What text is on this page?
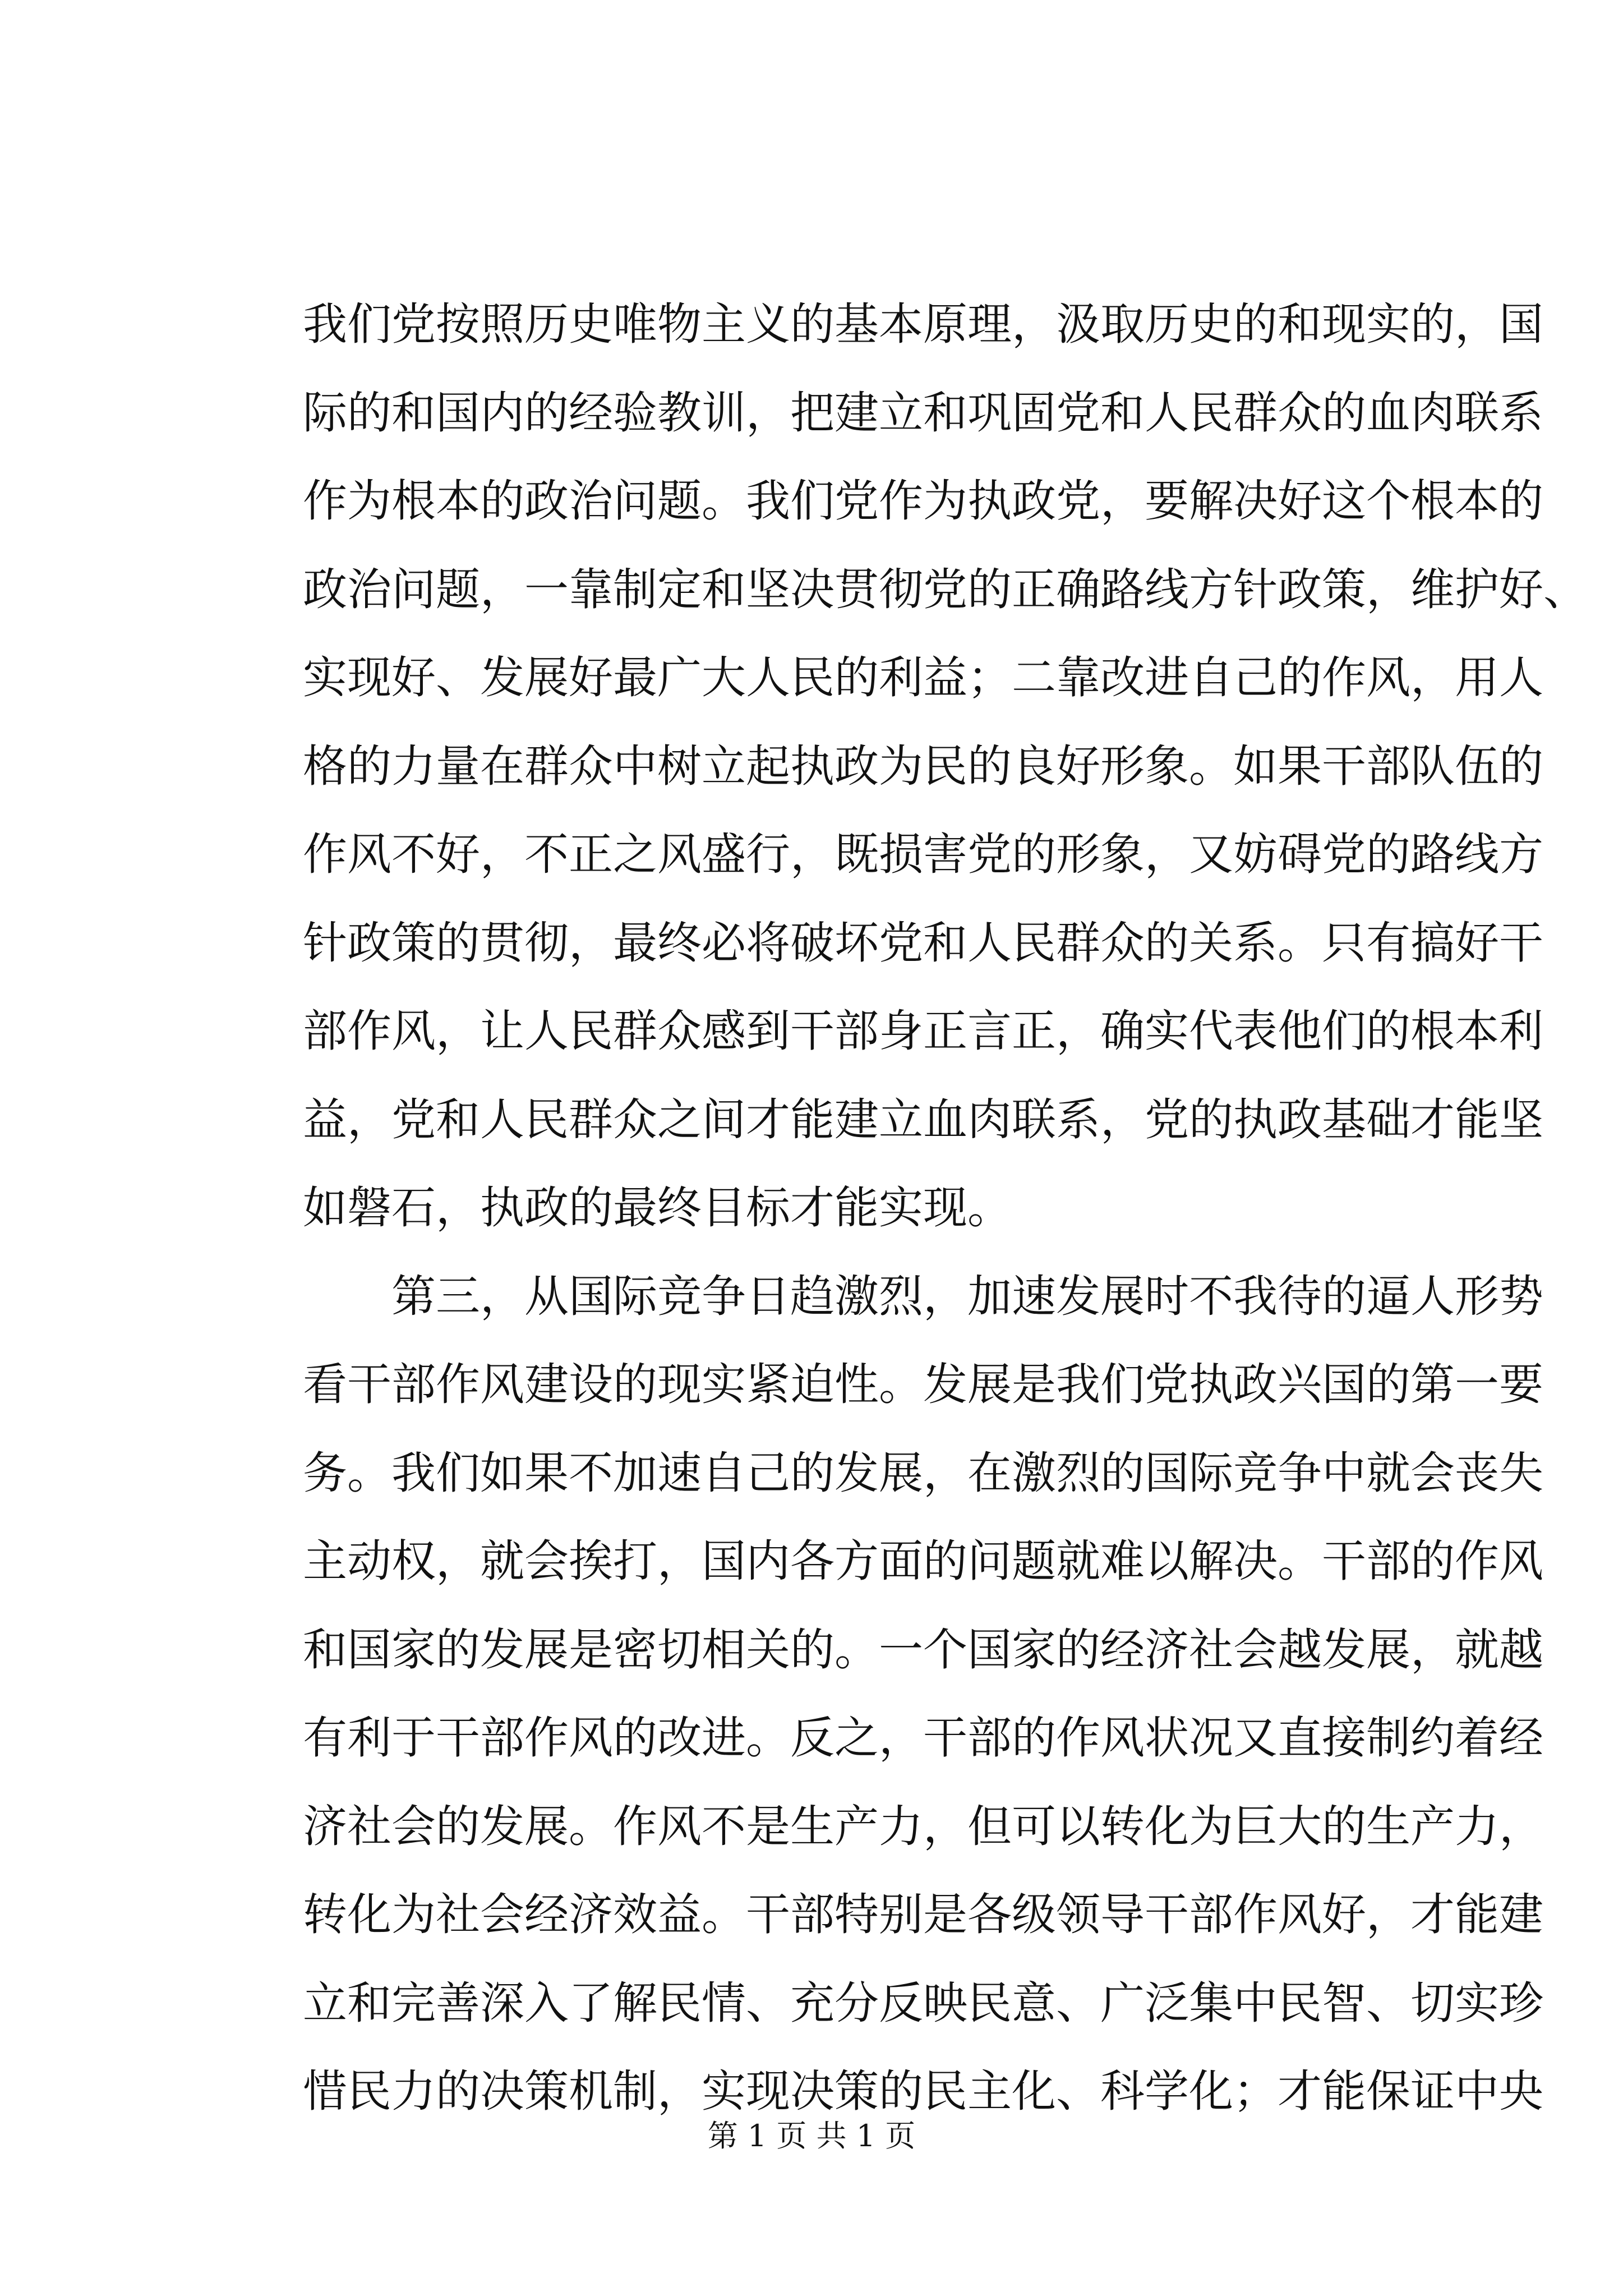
我们党按照历史唯物主义的基本原理，汲取历史的和现实的，国
际的和国内的经验教训，把建立和巩固党和人民群众的血肉联系
作为根本的政治问题。我们党作为执政党，要解决好这个根本的
政治问题，一靠制定和坚决贯彻党的正确路线方针政策，维护好、
实现好、发展好最广大人民的利益；二靠改进自己的作风，用人
格的力量在群众中树立起执政为民的良好形象。如果干部队伍的
作风不好，不正之风盛行，既损害党的形象，又妨碍党的路线方
针政策的贯彻，最终必将破坏党和人民群众的关系。只有搞好干
部作风，让人民群众感到干部身正言正，确实代表他们的根本利
益，党和人民群众之间才能建立血肉联系，党的执政基础才能坚
如磐石，执政的最终目标才能实现。
第三，从国际竞争日趋激烈，加速发展时不我待的逼人形势
看干部作风建设的现实紧迫性。发展是我们党执政兴国的第一要
务。我们如果不加速自己的发展，在激烈的国际竞争中就会丧失
主动权，就会挨打，国内各方面的问题就难以解决。干部的作风
和国家的发展是密切相关的。一个国家的经济社会越发展，就越
有利于干部作风的改进。反之，干部的作风状况又直接制约着经
济社会的发展。作风不是生产力，但可以转化为巨大的生产力，
转化为社会经济效益。干部特别是各级领导干部作风好，才能建
立和完善深入了解民情、充分反映民意、广泛集中民智、切实珍
惜民力的决策机制，实现决策的民主化、科学化；才能保证中央
第 1 页 共 1 页
